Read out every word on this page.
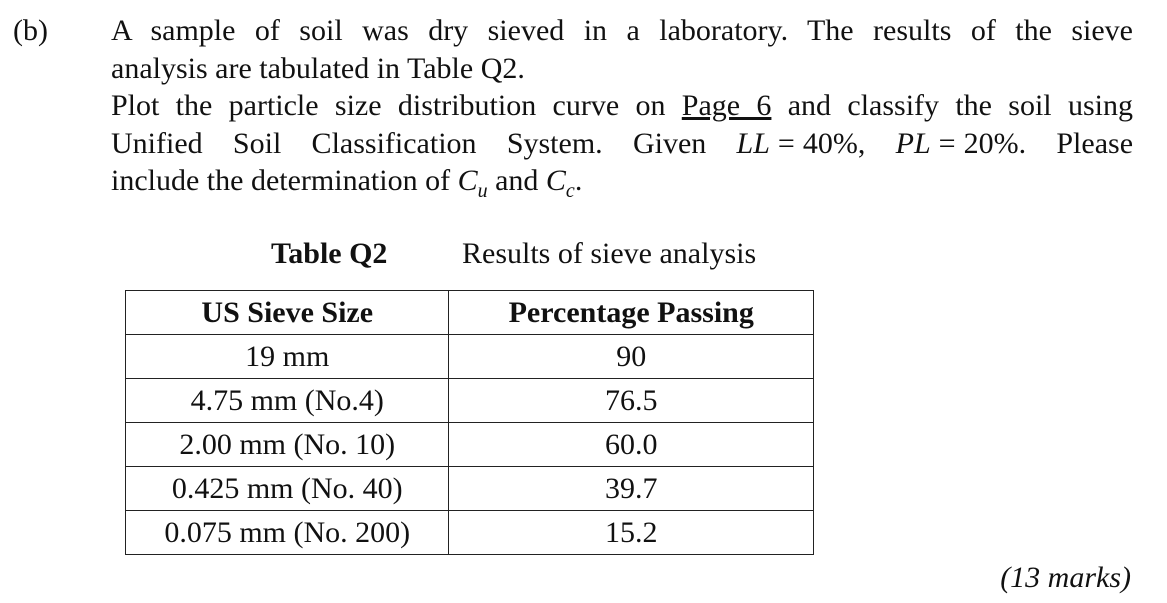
(b) A sample of soil was dry sieved in a laboratory. The results of the sieve

analysis are tabulated in Table Q2.

Plot the particle size distribution curve on Page 6 and classify the soil using

Unified Soil Classification System. Given LL = 40%, PL = 20%. Please

include the determination of $C_u$ and $C_c$.

Table Q2 Results of sieve analysis
US Sieve Size	Percentage Passing
19 mm	90
4.75 mm (No.4)	76.5
2.00 mm (No. 10)	60.0
0.425 mm (No. 40)	39.7
0.075 mm (No. 200)	15.2
(13 marks)
